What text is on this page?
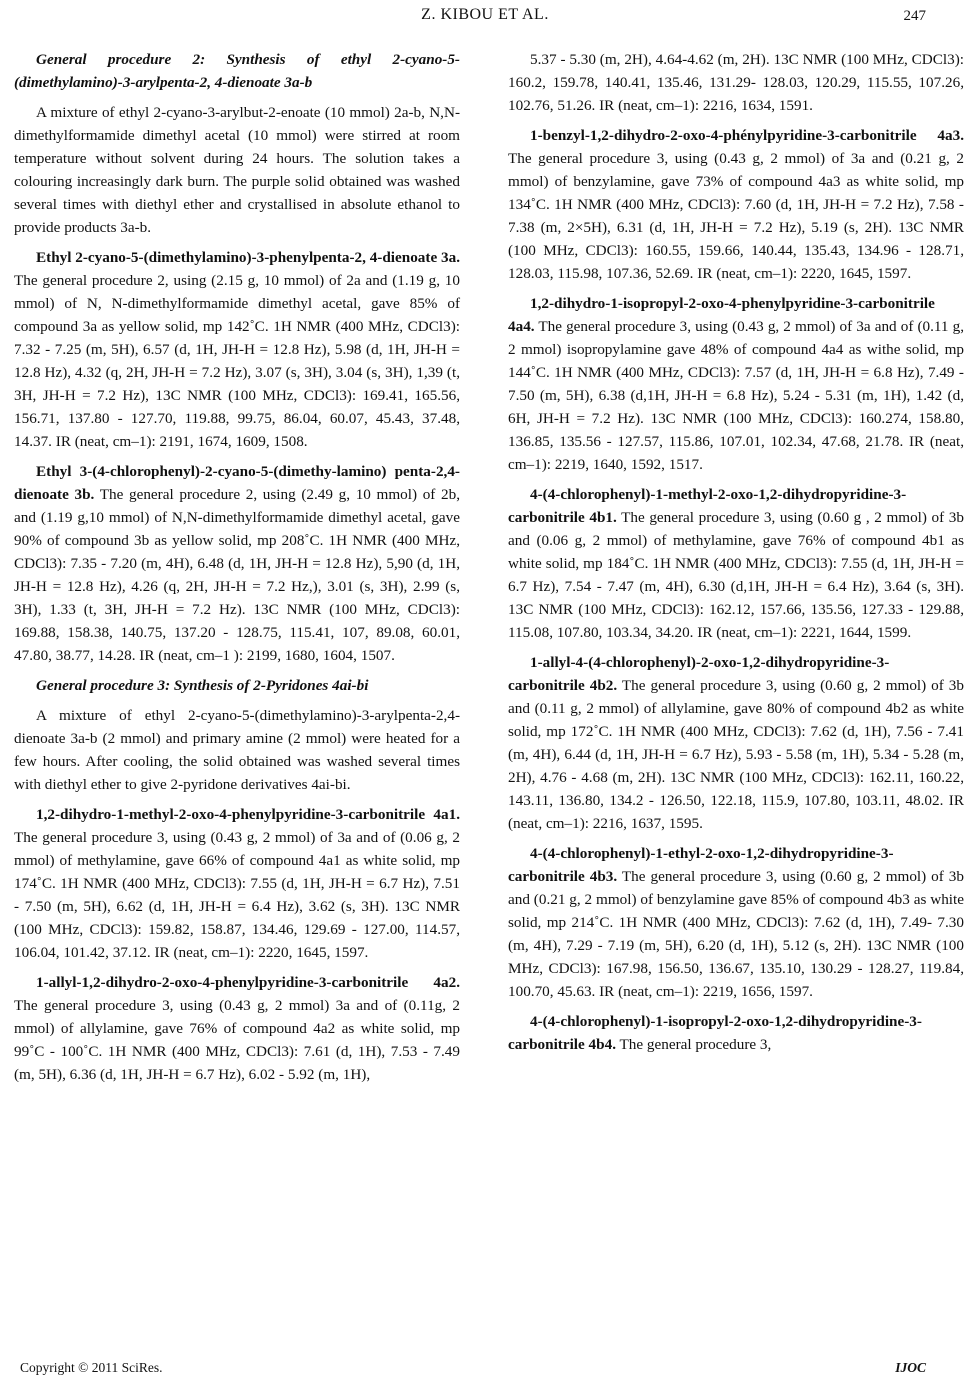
Z. KIBOU ET AL.	247

General procedure 2: Synthesis of ethyl 2-cyano-5-(dimethylamino)-3-arylpenta-2, 4-dienoate 3a-b

A mixture of ethyl 2-cyano-3-arylbut-2-enoate (10 mmol) 2a-b, N,N-dimethylformamide dimethyl acetal (10 mmol) were stirred at room temperature without solvent during 24 hours. The solution takes a colouring increasingly dark burn. The purple solid obtained was washed several times with diethyl ether and crystallised in absolute ethanol to provide products 3a-b.

Ethyl 2-cyano-5-(dimethylamino)-3-phenylpenta-2, 4-dienoate 3a. The general procedure 2, using (2.15 g, 10 mmol) of 2a and (1.19 g, 10 mmol) of N, N-dimethylformamide dimethyl acetal, gave 85% of compound 3a as yellow solid, mp 142˚C. 1H NMR (400 MHz, CDCl3): 7.32 - 7.25 (m, 5H), 6.57 (d, 1H, JH-H = 12.8 Hz), 5.98 (d, 1H, JH-H = 12.8 Hz), 4.32 (q, 2H, JH-H = 7.2 Hz), 3.07 (s, 3H), 3.04 (s, 3H), 1,39 (t, 3H, JH-H = 7.2 Hz), 13C NMR (100 MHz, CDCl3): 169.41, 165.56, 156.71, 137.80 - 127.70, 119.88, 99.75, 86.04, 60.07, 45.43, 37.48, 14.37. IR (neat, cm–1): 2191, 1674, 1609, 1508.

Ethyl 3-(4-chlorophenyl)-2-cyano-5-(dimethy-lamino) penta-2,4-dienoate 3b. The general procedure 2, using (2.49 g, 10 mmol) of 2b, and (1.19 g,10 mmol) of N,N-dimethylformamide dimethyl acetal, gave 90% of compound 3b as yellow solid, mp 208˚C. 1H NMR (400 MHz, CDCl3): 7.35 - 7.20 (m, 4H), 6.48 (d, 1H, JH-H = 12.8 Hz), 5,90 (d, 1H, JH-H = 12.8 Hz), 4.26 (q, 2H, JH-H = 7.2 Hz,), 3.01 (s, 3H), 2.99 (s, 3H), 1.33 (t, 3H, JH-H = 7.2 Hz). 13C NMR (100 MHz, CDCl3): 169.88, 158.38, 140.75, 137.20 - 128.75, 115.41, 107, 89.08, 60.01, 47.80, 38.77, 14.28. IR (neat, cm–1 ): 2199, 1680, 1604, 1507.

General procedure 3: Synthesis of 2-Pyridones 4ai-bi

A mixture of ethyl 2-cyano-5-(dimethylamino)-3-arylpenta-2,4-dienoate 3a-b (2 mmol) and primary amine (2 mmol) were heated for a few hours. After cooling, the solid obtained was washed several times with diethyl ether to give 2-pyridone derivatives 4ai-bi.

1,2-dihydro-1-methyl-2-oxo-4-phenylpyridine-3-carbonitrile 4a1. The general procedure 3, using (0.43 g, 2 mmol) of 3a and of (0.06 g, 2 mmol) of methylamine, gave 66% of compound 4a1 as white solid, mp 174˚C. 1H NMR (400 MHz, CDCl3): 7.55 (d, 1H, JH-H = 6.7 Hz), 7.51 - 7.50 (m, 5H), 6.62 (d, 1H, JH-H = 6.4 Hz), 3.62 (s, 3H). 13C NMR (100 MHz, CDCl3): 159.82, 158.87, 134.46, 129.69 - 127.00, 114.57, 106.04, 101.42, 37.12. IR (neat, cm–1): 2220, 1645, 1597.

1-allyl-1,2-dihydro-2-oxo-4-phenylpyridine-3-carbonitrile 4a2. The general procedure 3, using (0.43 g, 2 mmol) 3a and of (0.11g, 2 mmol) of allylamine, gave 76% of compound 4a2 as white solid, mp 99˚C - 100˚C. 1H NMR (400 MHz, CDCl3): 7.61 (d, 1H), 7.53 - 7.49 (m, 5H), 6.36 (d, 1H, JH-H = 6.7 Hz), 6.02 - 5.92 (m, 1H),

5.37 - 5.30 (m, 2H), 4.64-4.62 (m, 2H). 13C NMR (100 MHz, CDCl3): 160.2, 159.78, 140.41, 135.46, 131.29- 128.03, 120.29, 115.55, 107.26, 102.76, 51.26. IR (neat, cm–1): 2216, 1634, 1591.

1-benzyl-1,2-dihydro-2-oxo-4-phénylpyridine-3-carbonitrile 4a3. The general procedure 3, using (0.43 g, 2 mmol) of 3a and (0.21 g, 2 mmol) of benzylamine, gave 73% of compound 4a3 as white solid, mp 134˚C. 1H NMR (400 MHz, CDCl3): 7.60 (d, 1H, JH-H = 7.2 Hz), 7.58 - 7.38 (m, 2×5H), 6.31 (d, 1H, JH-H = 7.2 Hz), 5.19 (s, 2H). 13C NMR (100 MHz, CDCl3): 160.55, 159.66, 140.44, 135.43, 134.96 - 128.71, 128.03, 115.98, 107.36, 52.69. IR (neat, cm–1): 2220, 1645, 1597.

1,2-dihydro-1-isopropyl-2-oxo-4-phenylpyridine-3-carbonitrile 4a4. The general procedure 3, using (0.43 g, 2 mmol) of 3a and of (0.11 g, 2 mmol) isopropylamine gave 48% of compound 4a4 as withe solid, mp 144˚C. 1H NMR (400 MHz, CDCl3): 7.57 (d, 1H, JH-H = 6.8 Hz), 7.49 - 7.50 (m, 5H), 6.38 (d,1H, JH-H = 6.8 Hz), 5.24 - 5.31 (m, 1H), 1.42 (d, 6H, JH-H = 7.2 Hz). 13C NMR (100 MHz, CDCl3): 160.274, 158.80, 136.85, 135.56 - 127.57, 115.86, 107.01, 102.34, 47.68, 21.78. IR (neat, cm–1): 2219, 1640, 1592, 1517.

4-(4-chlorophenyl)-1-methyl-2-oxo-1,2-dihydropyridine-3-carbonitrile 4b1. The general procedure 3, using (0.60 g , 2 mmol) of 3b and (0.06 g, 2 mmol) of methylamine, gave 76% of compound 4b1 as white solid, mp 184˚C. 1H NMR (400 MHz, CDCl3): 7.55 (d, 1H, JH-H = 6.7 Hz), 7.54 - 7.47 (m, 4H), 6.30 (d,1H, JH-H = 6.4 Hz), 3.64 (s, 3H). 13C NMR (100 MHz, CDCl3): 162.12, 157.66, 135.56, 127.33 - 129.88, 115.08, 107.80, 103.34, 34.20. IR (neat, cm–1): 2221, 1644, 1599.

1-allyl-4-(4-chlorophenyl)-2-oxo-1,2-dihydropyridine-3-carbonitrile 4b2. The general procedure 3, using (0.60 g, 2 mmol) of 3b and (0.11 g, 2 mmol) of allylamine, gave 80% of compound 4b2 as white solid, mp 172˚C. 1H NMR (400 MHz, CDCl3): 7.62 (d, 1H), 7.56 - 7.41 (m, 4H), 6.44 (d, 1H, JH-H = 6.7 Hz), 5.93 - 5.58 (m, 1H), 5.34 - 5.28 (m, 2H), 4.76 - 4.68 (m, 2H). 13C NMR (100 MHz, CDCl3): 162.11, 160.22, 143.11, 136.80, 134.2 - 126.50, 122.18, 115.9, 107.80, 103.11, 48.02. IR (neat, cm–1): 2216, 1637, 1595.

4-(4-chlorophenyl)-1-ethyl-2-oxo-1,2-dihydropyridine-3-carbonitrile 4b3. The general procedure 3, using (0.60 g, 2 mmol) of 3b and (0.21 g, 2 mmol) of benzylamine gave 85% of compound 4b3 as white solid, mp 214˚C. 1H NMR (400 MHz, CDCl3): 7.62 (d, 1H), 7.49- 7.30 (m, 4H), 7.29 - 7.19 (m, 5H), 6.20 (d, 1H), 5.12 (s, 2H). 13C NMR (100 MHz, CDCl3): 167.98, 156.50, 136.67, 135.10, 130.29 - 128.27, 119.84, 100.70, 45.63. IR (neat, cm–1): 2219, 1656, 1597.

4-(4-chlorophenyl)-1-isopropyl-2-oxo-1,2-dihydropyridine-3-carbonitrile 4b4. The general procedure 3,

Copyright © 2011 SciRes.	IJOC
